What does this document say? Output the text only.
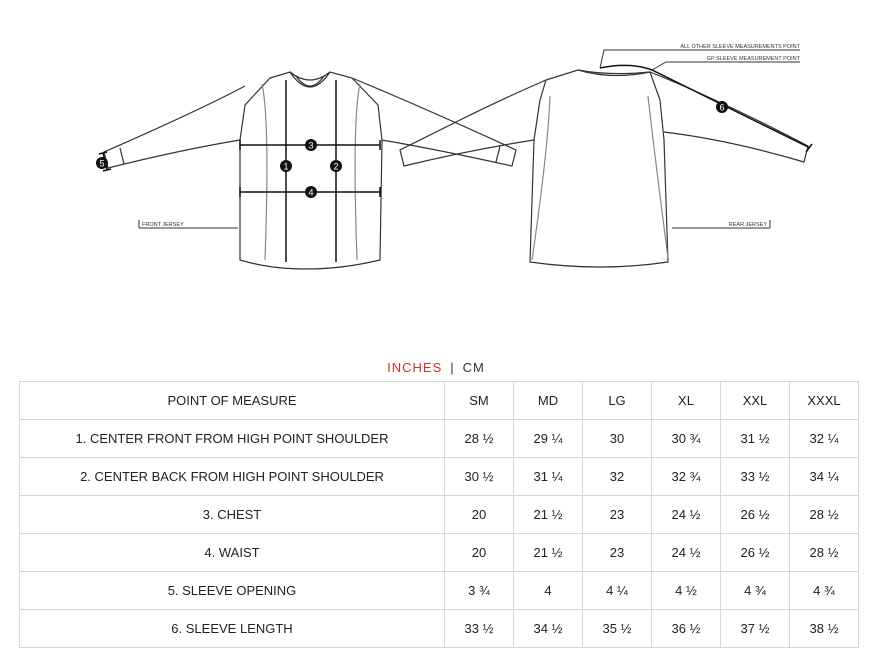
1	2
3
4
5
FRONT JERSEY
6
ALL OTHER SLEEVE MEASUREMENTS POINT
GP SLEEVE MEASUREMENT POINT
REAR JERSEY
INCHES | CM
POINT OF MEASURE	SM	MD	LG	XL	XXL	XXXL
1. CENTER FRONT FROM HIGH POINT SHOULDER	28 ½	29 ¼	30	30 ¾	31 ½	32 ¼
2. CENTER BACK FROM HIGH POINT SHOULDER	30 ½	31 ¼	32	32 ¾	33 ½	34 ¼
3. CHEST	20	21 ½	23	24 ½	26 ½	28 ½
4. WAIST	20	21 ½	23	24 ½	26 ½	28 ½
5. SLEEVE OPENING	3 ¾	4	4 ¼	4 ½	4 ¾	4 ¾
6. SLEEVE LENGTH	33 ½	34 ½	35 ½	36 ½	37 ½	38 ½
